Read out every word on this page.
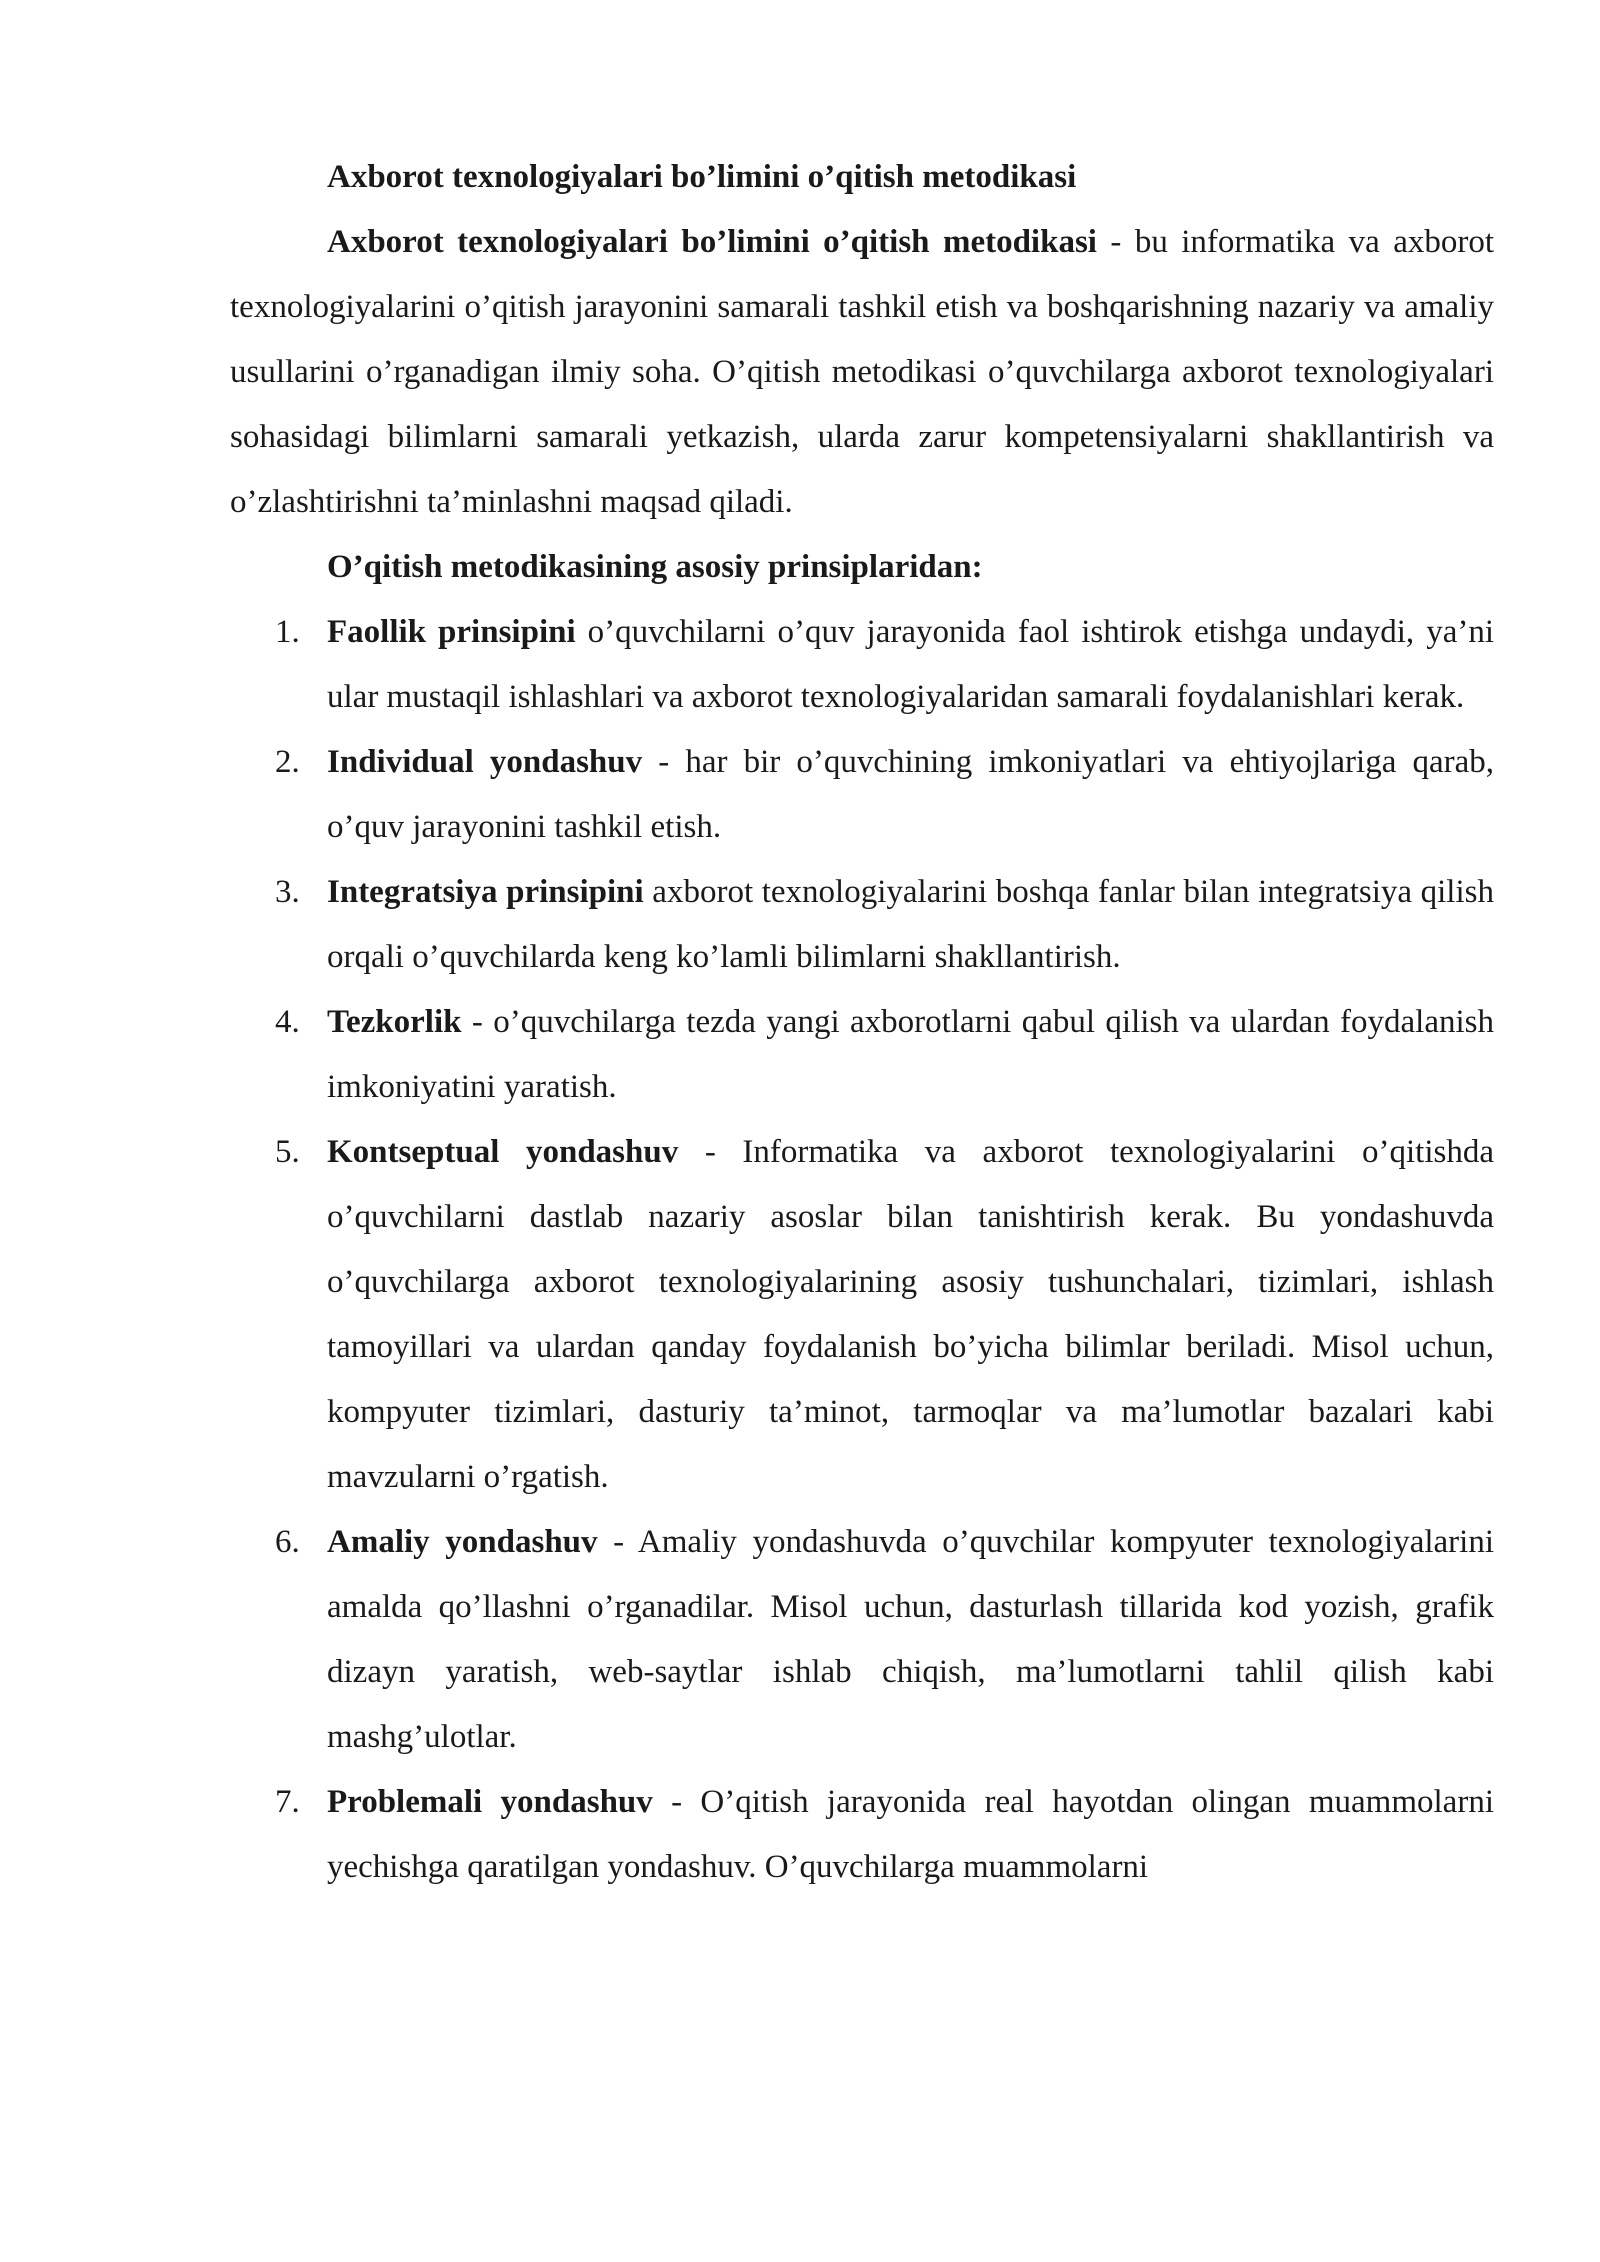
Axborot texnologiyalari bo’limini o’qitish metodikasi

Axborot texnologiyalari bo’limini o’qitish metodikasi - bu informatika va axborot texnologiyalarini o’qitish jarayonini samarali tashkil etish va boshqarishning nazariy va amaliy usullarini o’rganadigan ilmiy soha. O’qitish metodikasi o’quvchilarga axborot texnologiyalari sohasidagi bilimlarni samarali yetkazish, ularda zarur kompetensiyalarni shakllantirish va o’zlashtirishni ta’minlashni maqsad qiladi.

O’qitish metodikasining asosiy prinsiplaridan:

1. Faollik prinsipini o’quvchilarni o’quv jarayonida faol ishtirok etishga undaydi, ya’ni ular mustaqil ishlashlari va axborot texnologiyalaridan samarali foydalanishlari kerak.
2. Individual yondashuv - har bir o’quvchining imkoniyatlari va ehtiyojlariga qarab, o’quv jarayonini tashkil etish.
3. Integratsiya prinsipini axborot texnologiyalarini boshqa fanlar bilan integratsiya qilish orqali o’quvchilarda keng ko’lamli bilimlarni shakllantirish.
4. Tezkorlik - o’quvchilarga tezda yangi axborotlarni qabul qilish va ulardan foydalanish imkoniyatini yaratish.
5. Kontseptual yondashuv - Informatika va axborot texnologiyalarini o’qitishda o’quvchilarni dastlab nazariy asoslar bilan tanishtirish kerak. Bu yondashuvda o’quvchilarga axborot texnologiyalarining asosiy tushunchalari, tizimlari, ishlash tamoyillari va ulardan qanday foydalanish bo’yicha bilimlar beriladi. Misol uchun, kompyuter tizimlari, dasturiy ta’minot, tarmoqlar va ma’lumotlar bazalari kabi mavzularni o’rgatish.
6. Amaliy yondashuv - Amaliy yondashuvda o’quvchilar kompyuter texnologiyalarini amalda qo’llashni o’rganadilar. Misol uchun, dasturlash tillarida kod yozish, grafik dizayn yaratish, web-saytlar ishlab chiqish, ma’lumotlarni tahlil qilish kabi mashg’ulotlar.
7. Problemali yondashuv - O’qitish jarayonida real hayotdan olingan muammolarni yechishga qaratilgan yondashuv. O’quvchilarga muammolarni
